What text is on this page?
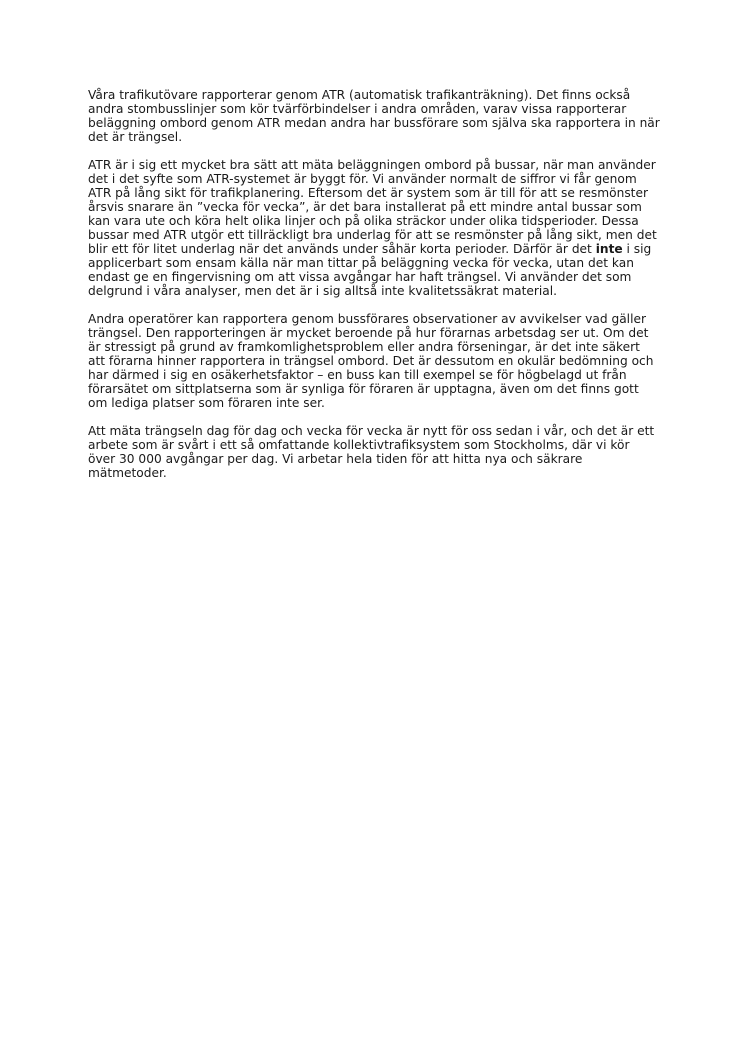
Våra trafikutövare rapporterar genom ATR (automatisk trafikanträkning). Det finns också andra stombusslinjer som kör tvärförbindelser i andra områden, varav vissa rapporterar beläggning ombord genom ATR medan andra har bussförare som själva ska rapportera in när det är trängsel.

ATR är i sig ett mycket bra sätt att mäta beläggningen ombord på bussar, när man använder det i det syfte som ATR-systemet är byggt för. Vi använder normalt de siffror vi får genom ATR på lång sikt för trafikplanering. Eftersom det är system som är till för att se resmönster årsvis snarare än ”vecka för vecka”, är det bara installerat på ett mindre antal bussar som kan vara ute och köra helt olika linjer och på olika sträckor under olika tidsperioder. Dessa bussar med ATR utgör ett tillräckligt bra underlag för att se resmönster på lång sikt, men det blir ett för litet underlag när det används under såhär korta perioder. Därför är det inte i sig applicerbart som ensam källa när man tittar på beläggning vecka för vecka, utan det kan endast ge en fingervisning om att vissa avgångar har haft trängsel. Vi använder det som delgrund i våra analyser, men det är i sig alltså inte kvalitetssäkrat material.

Andra operatörer kan rapportera genom bussförares observationer av avvikelser vad gäller trängsel. Den rapporteringen är mycket beroende på hur förarnas arbetsdag ser ut. Om det är stressigt på grund av framkomlighetsproblem eller andra förseningar, är det inte säkert att förarna hinner rapportera in trängsel ombord. Det är dessutom en okulär bedömning och har därmed i sig en osäkerhetsfaktor – en buss kan till exempel se för högbelagd ut från förarsätet om sittplatserna som är synliga för föraren är upptagna, även om det finns gott om lediga platser som föraren inte ser.

Att mäta trängseln dag för dag och vecka för vecka är nytt för oss sedan i vår, och det är ett arbete som är svårt i ett så omfattande kollektivtrafiksystem som Stockholms, där vi kör över 30 000 avgångar per dag. Vi arbetar hela tiden för att hitta nya och säkrare mätmetoder.
